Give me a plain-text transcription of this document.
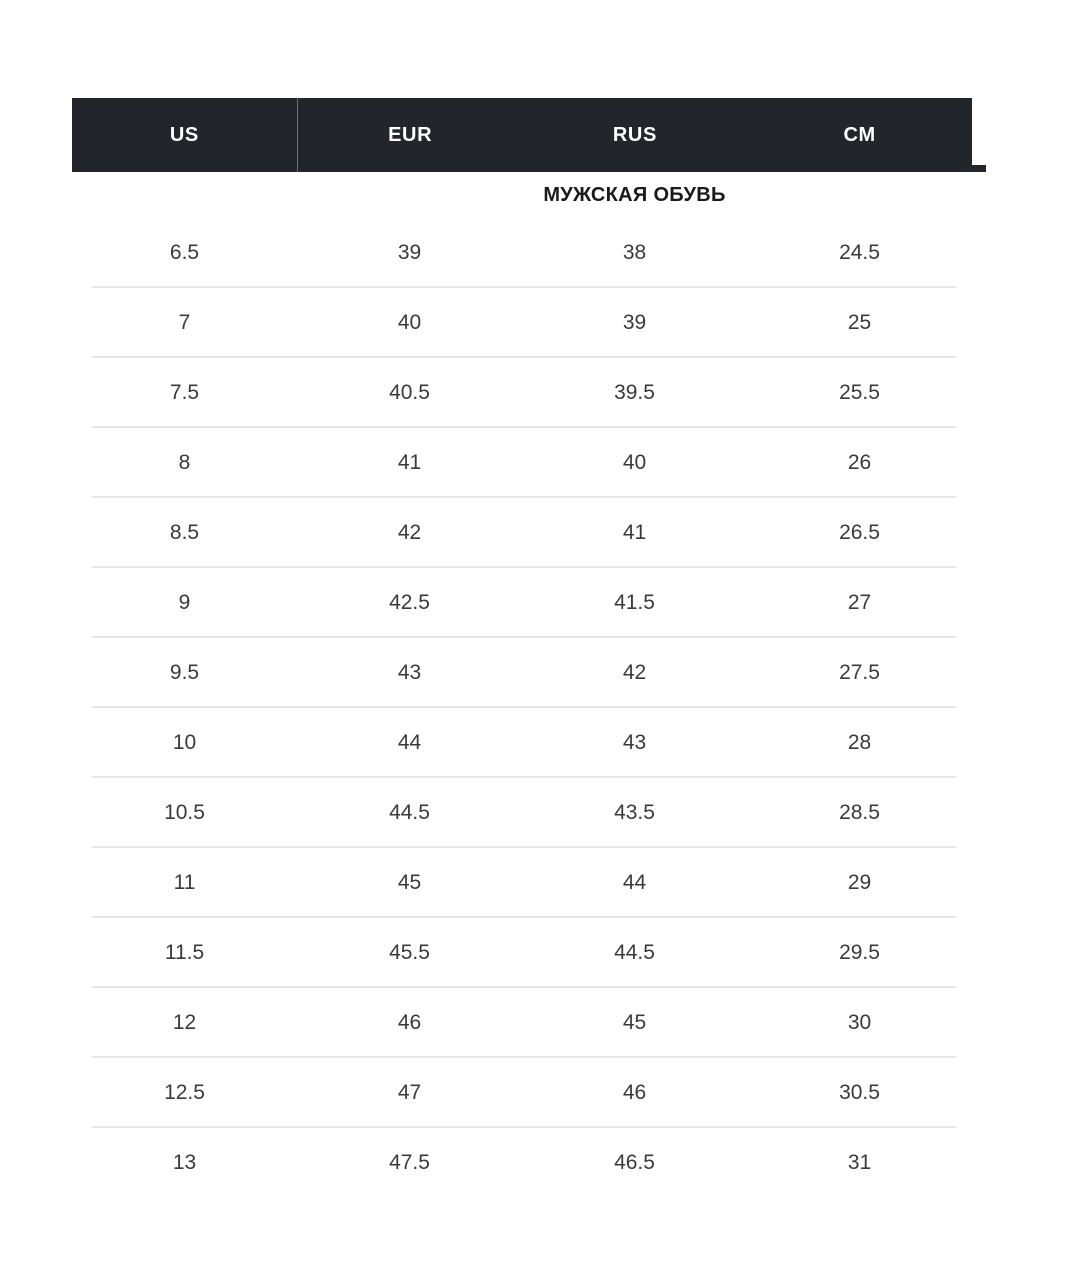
US	EUR	RUS	CM
МУЖСКАЯ ОБУВЬ
6.5	39	38	24.5
7	40	39	25
7.5	40.5	39.5	25.5
8	41	40	26
8.5	42	41	26.5
9	42.5	41.5	27
9.5	43	42	27.5
10	44	43	28
10.5	44.5	43.5	28.5
11	45	44	29
11.5	45.5	44.5	29.5
12	46	45	30
12.5	47	46	30.5
13	47.5	46.5	31
